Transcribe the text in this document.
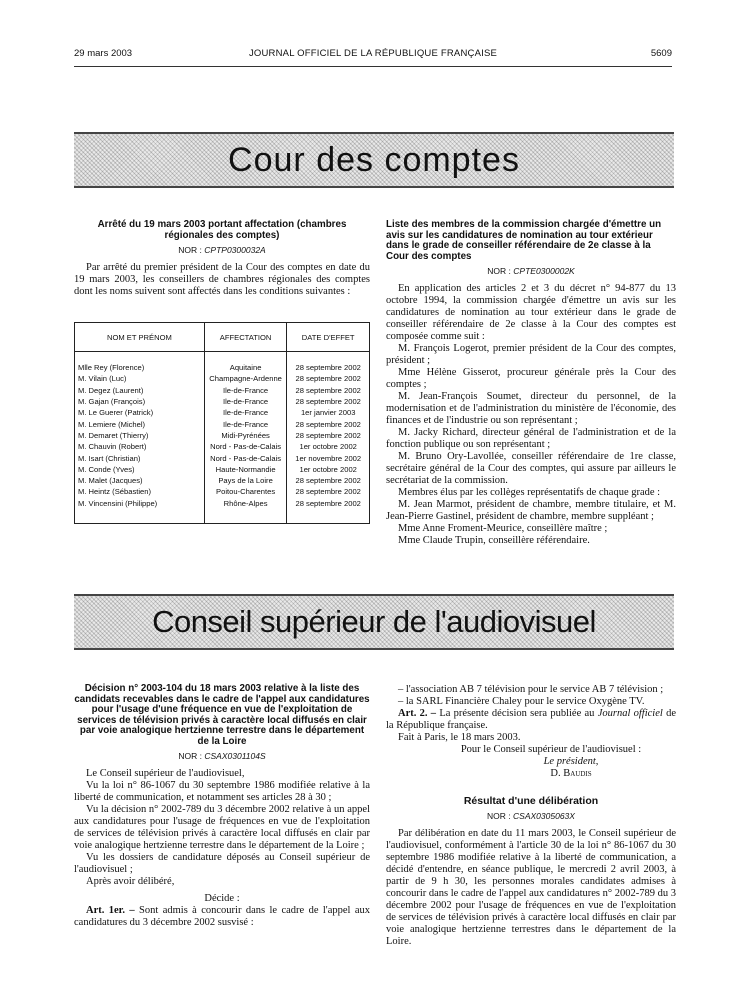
29 mars 2003	JOURNAL OFFICIEL DE LA RÉPUBLIQUE FRANÇAISE	5609
Cour des comptes

Arrêté du 19 mars 2003 portant affectation (chambres régionales des comptes)

NOR : CPTP0300032A

Par arrêté du premier président de la Cour des comptes en date du 19 mars 2003, les conseillers de chambres régionales des comptes dont les noms suivent sont affectés dans les conditions suivantes :

NOM ET PRÉNOM	AFFECTATION	DATE D'EFFET
Mlle Rey (Florence)	Aquitaine	28 septembre 2002
M. Vilain (Luc)	Champagne-Ardenne	28 septembre 2002
M. Degez (Laurent)	Ile-de-France	28 septembre 2002
M. Gajan (François)	Ile-de-France	28 septembre 2002
M. Le Guerer (Patrick)	Ile-de-France	1er janvier 2003
M. Lemiere (Michel)	Ile-de-France	28 septembre 2002
M. Demaret (Thierry)	Midi-Pyrénées	28 septembre 2002
M. Chauvin (Robert)	Nord - Pas-de-Calais	1er octobre 2002
M. Isart (Christian)	Nord - Pas-de-Calais	1er novembre 2002
M. Conde (Yves)	Haute-Normandie	1er octobre 2002
M. Malet (Jacques)	Pays de la Loire	28 septembre 2002
M. Heintz (Sébastien)	Poitou-Charentes	28 septembre 2002
M. Vincensini (Philippe)	Rhône-Alpes	28 septembre 2002

Liste des membres de la commission chargée d'émettre un avis sur les candidatures de nomination au tour extérieur dans le grade de conseiller référendaire de 2e classe à la Cour des comptes

NOR : CPTE0300002K

En application des articles 2 et 3 du décret n° 94-877 du 13 octobre 1994, la commission chargée d'émettre un avis sur les candidatures de nomination au tour extérieur dans le grade de conseiller référendaire de 2e classe à la Cour des comptes est composée comme suit :

M. François Logerot, premier président de la Cour des comptes, président ;

Mme Hélène Gisserot, procureur générale près la Cour des comptes ;

M. Jean-François Soumet, directeur du personnel, de la modernisation et de l'administration du ministère de l'économie, des finances et de l'industrie ou son représentant ;

M. Jacky Richard, directeur général de l'administration et de la fonction publique ou son représentant ;

M. Bruno Ory-Lavollée, conseiller référendaire de 1re classe, secrétaire général de la Cour des comptes, qui assure par ailleurs le secrétariat de la commission.

Membres élus par les collèges représentatifs de chaque grade :

M. Jean Marmot, président de chambre, membre titulaire, et M. Jean-Pierre Gastinel, président de chambre, membre suppléant ;

Mme Anne Froment-Meurice, conseillère maître ;

Mme Claude Trupin, conseillère référendaire.

Conseil supérieur de l'audiovisuel

Décision n° 2003-104 du 18 mars 2003 relative à la liste des candidats recevables dans le cadre de l'appel aux candidatures pour l'usage d'une fréquence en vue de l'exploitation de services de télévision privés à caractère local diffusés en clair par voie analogique hertzienne terrestre dans le département de la Loire

NOR : CSAX0301104S

Le Conseil supérieur de l'audiovisuel,

Vu la loi n° 86-1067 du 30 septembre 1986 modifiée relative à la liberté de communication, et notamment ses articles 28 à 30 ;

Vu la décision n° 2002-789 du 3 décembre 2002 relative à un appel aux candidatures pour l'usage de fréquences en vue de l'exploitation de services de télévision privés à caractère local diffusés en clair par voie analogique hertzienne terrestre dans le département de la Loire ;

Vu les dossiers de candidature déposés au Conseil supérieur de l'audiovisuel ;

Après avoir délibéré,

Décide :

Art. 1er. – Sont admis à concourir dans le cadre de l'appel aux candidatures du 3 décembre 2002 susvisé :

– l'association AB 7 télévision pour le service AB 7 télévision ;

– la SARL Financière Chaley pour le service Oxygène TV.

Art. 2. – La présente décision sera publiée au Journal officiel de la République française.

Fait à Paris, le 18 mars 2003.

Pour le Conseil supérieur de l'audiovisuel :

Le président,

D. Baudis

Résultat d'une délibération

NOR : CSAX0305063X

Par délibération en date du 11 mars 2003, le Conseil supérieur de l'audiovisuel, conformément à l'article 30 de la loi n° 86-1067 du 30 septembre 1986 modifiée relative à la liberté de communication, a décidé d'entendre, en séance publique, le mercredi 2 avril 2003, à partir de 9 h 30, les personnes morales candidates admises à concourir dans le cadre de l'appel aux candidatures n° 2002-789 du 3 décembre 2002 pour l'usage de fréquences en vue de l'exploitation de services de télévision privés à caractère local diffusés en clair par voie analogique hertzienne terrestres dans le département de la Loire.
